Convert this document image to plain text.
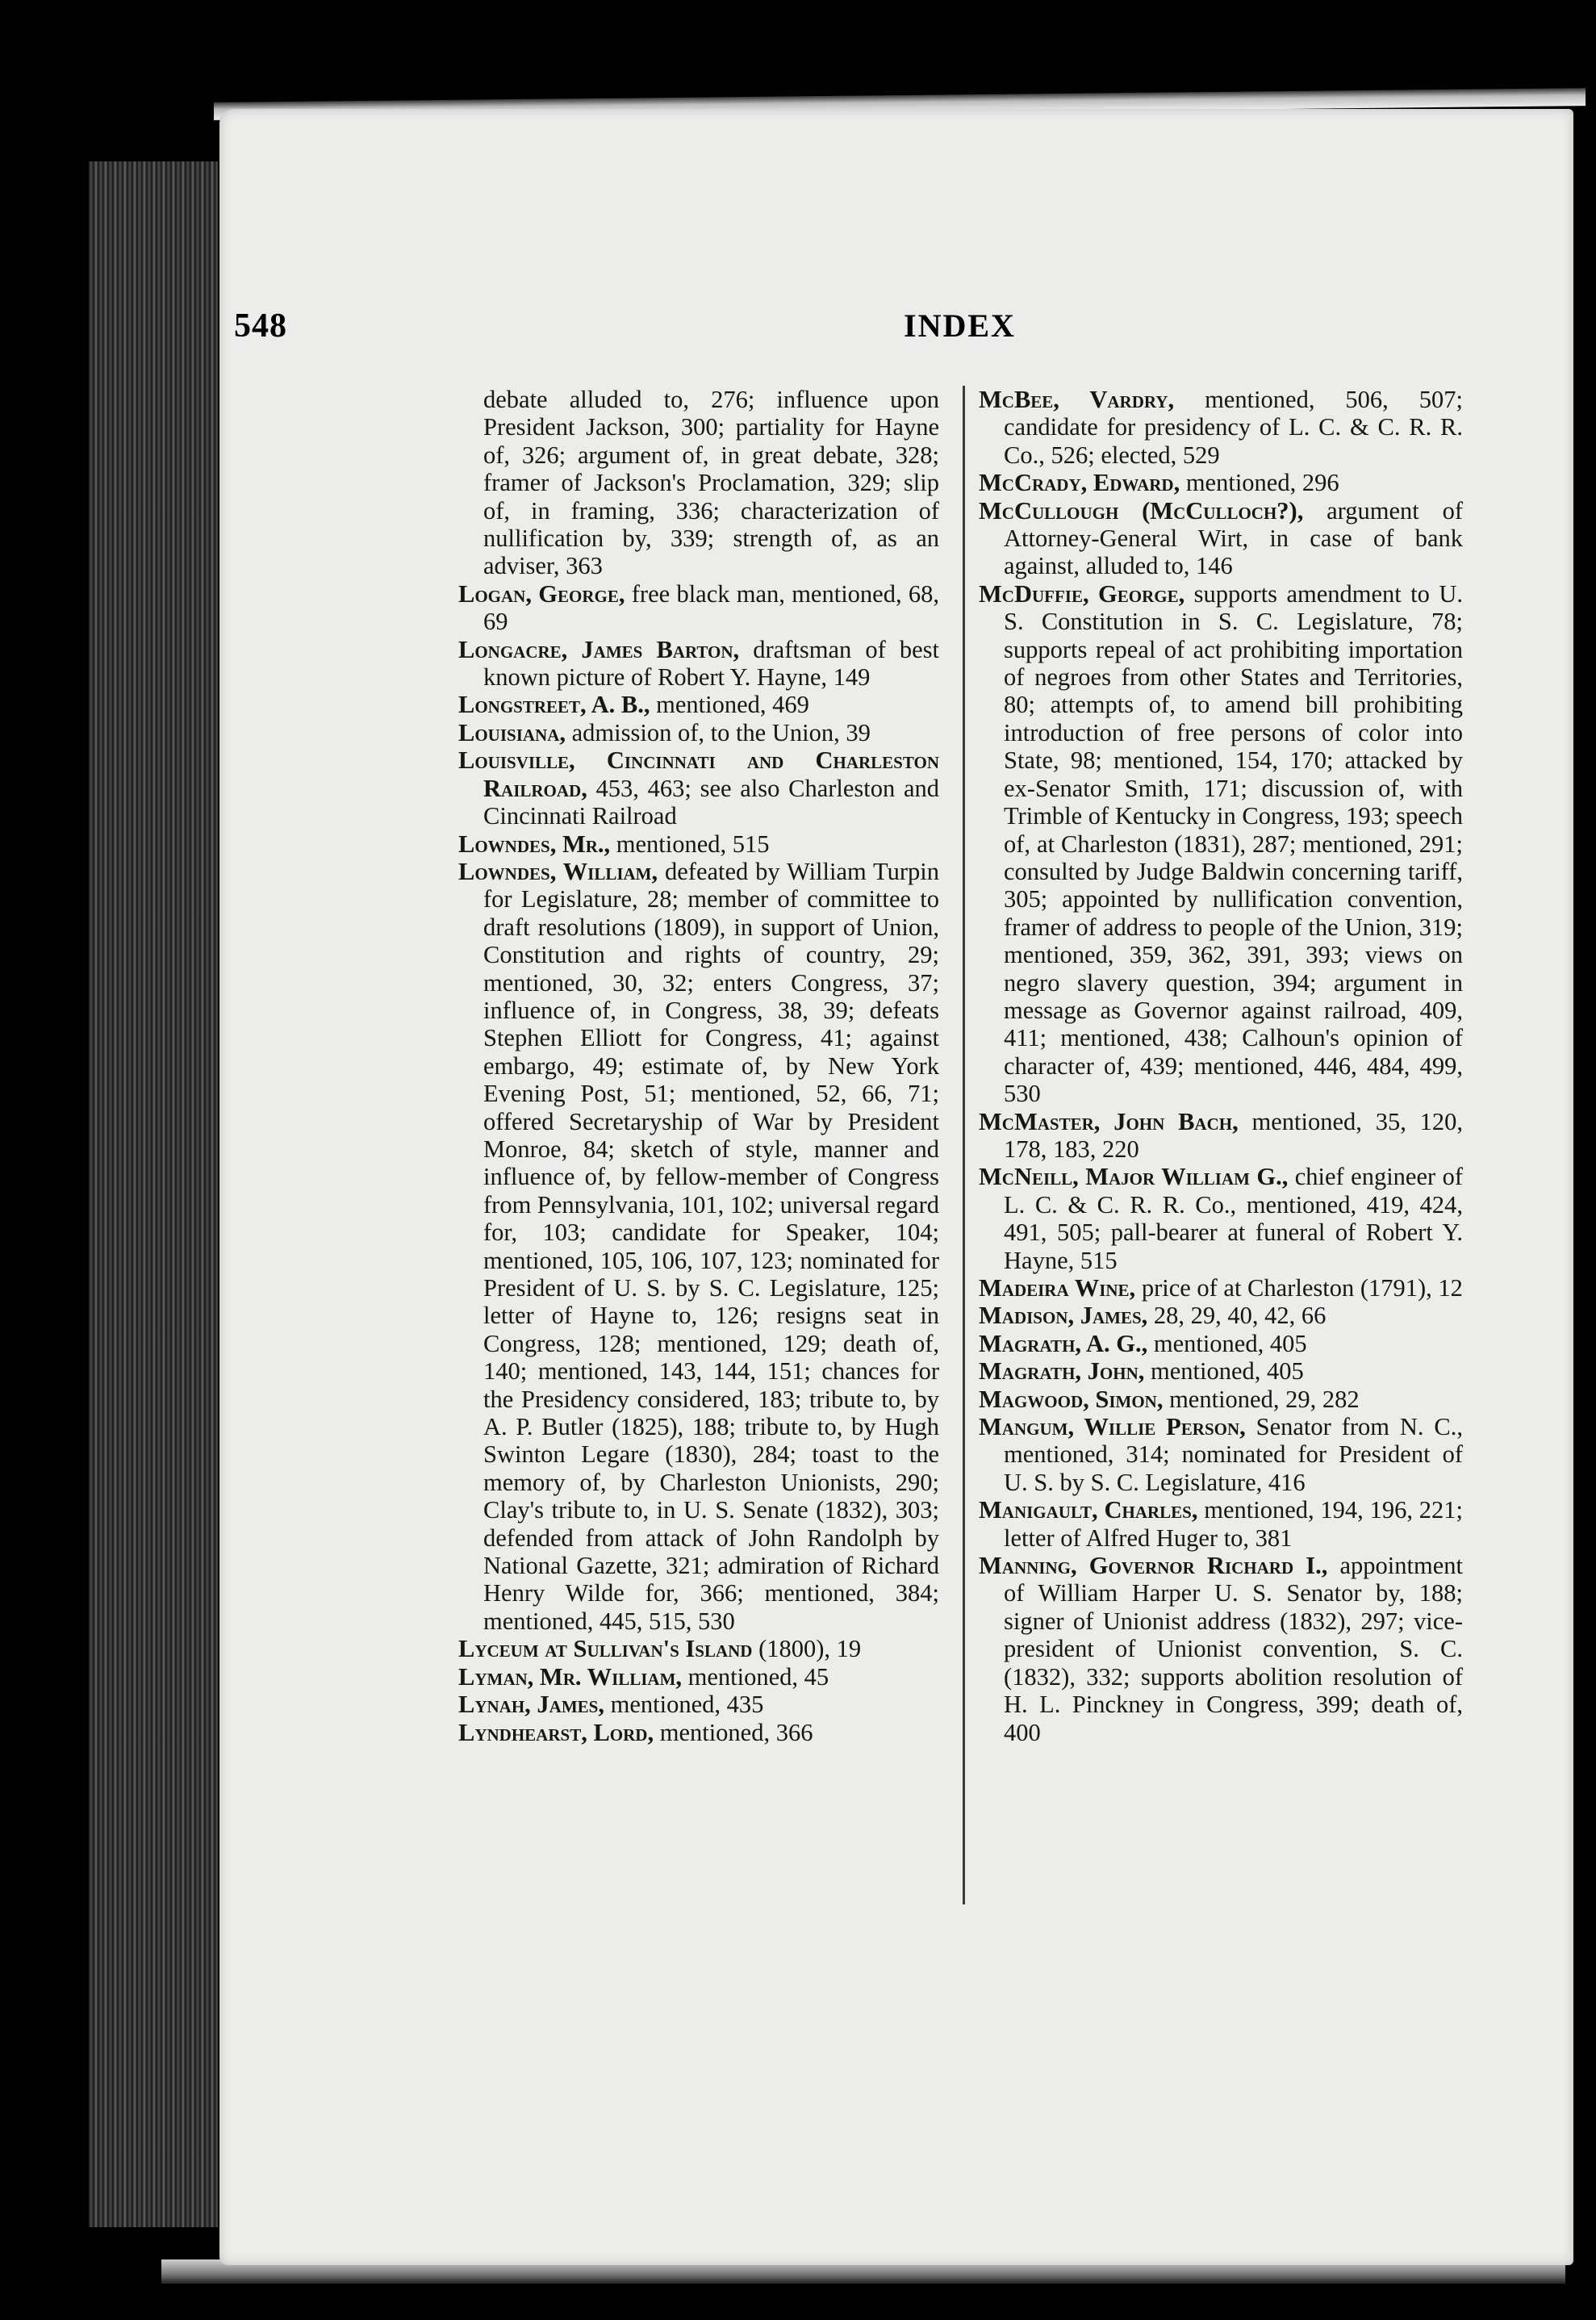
548	INDEX

debate alluded to, 276; influence upon President Jackson, 300; partiality for Hayne of, 326; argument of, in great debate, 328; framer of Jackson's Proclamation, 329; slip of, in framing, 336; characterization of nullification by, 339; strength of, as an adviser, 363

Logan, George, free black man, mentioned, 68, 69

Longacre, James Barton, draftsman of best known picture of Robert Y. Hayne, 149

Longstreet, A. B., mentioned, 469

Louisiana, admission of, to the Union, 39

Louisville, Cincinnati and Charleston Railroad, 453, 463; see also Charleston and Cincinnati Railroad

Lowndes, Mr., mentioned, 515

Lowndes, William, defeated by William Turpin for Legislature, 28; member of committee to draft resolutions (1809), in support of Union, Constitution and rights of country, 29; mentioned, 30, 32; enters Congress, 37; influence of, in Congress, 38, 39; defeats Stephen Elliott for Congress, 41; against embargo, 49; estimate of, by New York Evening Post, 51; mentioned, 52, 66, 71; offered Secretaryship of War by President Monroe, 84; sketch of style, manner and influence of, by fellow-member of Congress from Pennsylvania, 101, 102; universal regard for, 103; candidate for Speaker, 104; mentioned, 105, 106, 107, 123; nominated for President of U. S. by S. C. Legislature, 125; letter of Hayne to, 126; resigns seat in Congress, 128; mentioned, 129; death of, 140; mentioned, 143, 144, 151; chances for the Presidency considered, 183; tribute to, by A. P. Butler (1825), 188; tribute to, by Hugh Swinton Legare (1830), 284; toast to the memory of, by Charleston Unionists, 290; Clay's tribute to, in U. S. Senate (1832), 303; defended from attack of John Randolph by National Gazette, 321; admiration of Richard Henry Wilde for, 366; mentioned, 384; mentioned, 445, 515, 530

Lyceum at Sullivan's Island (1800), 19

Lyman, Mr. William, mentioned, 45

Lynah, James, mentioned, 435

Lyndhearst, Lord, mentioned, 366

McBee, Vardry, mentioned, 506, 507; candidate for presidency of L. C. & C. R. R. Co., 526; elected, 529

McCrady, Edward, mentioned, 296

McCullough (McCulloch?), argument of Attorney-General Wirt, in case of bank against, alluded to, 146

McDuffie, George, supports amendment to U. S. Constitution in S. C. Legislature, 78; supports repeal of act prohibiting importation of negroes from other States and Territories, 80; attempts of, to amend bill prohibiting introduction of free persons of color into State, 98; mentioned, 154, 170; attacked by ex-Senator Smith, 171; discussion of, with Trimble of Kentucky in Congress, 193; speech of, at Charleston (1831), 287; mentioned, 291; consulted by Judge Baldwin concerning tariff, 305; appointed by nullification convention, framer of address to people of the Union, 319; mentioned, 359, 362, 391, 393; views on negro slavery question, 394; argument in message as Governor against railroad, 409, 411; mentioned, 438; Calhoun's opinion of character of, 439; mentioned, 446, 484, 499, 530

McMaster, John Bach, mentioned, 35, 120, 178, 183, 220

McNeill, Major William G., chief engineer of L. C. & C. R. R. Co., mentioned, 419, 424, 491, 505; pall-bearer at funeral of Robert Y. Hayne, 515

Madeira Wine, price of at Charleston (1791), 12

Madison, James, 28, 29, 40, 42, 66

Magrath, A. G., mentioned, 405

Magrath, John, mentioned, 405

Magwood, Simon, mentioned, 29, 282

Mangum, Willie Person, Senator from N. C., mentioned, 314; nominated for President of U. S. by S. C. Legislature, 416

Manigault, Charles, mentioned, 194, 196, 221; letter of Alfred Huger to, 381

Manning, Governor Richard I., appointment of William Harper U. S. Senator by, 188; signer of Unionist address (1832), 297; vice-president of Unionist convention, S. C. (1832), 332; supports abolition resolution of H. L. Pinckney in Congress, 399; death of, 400
